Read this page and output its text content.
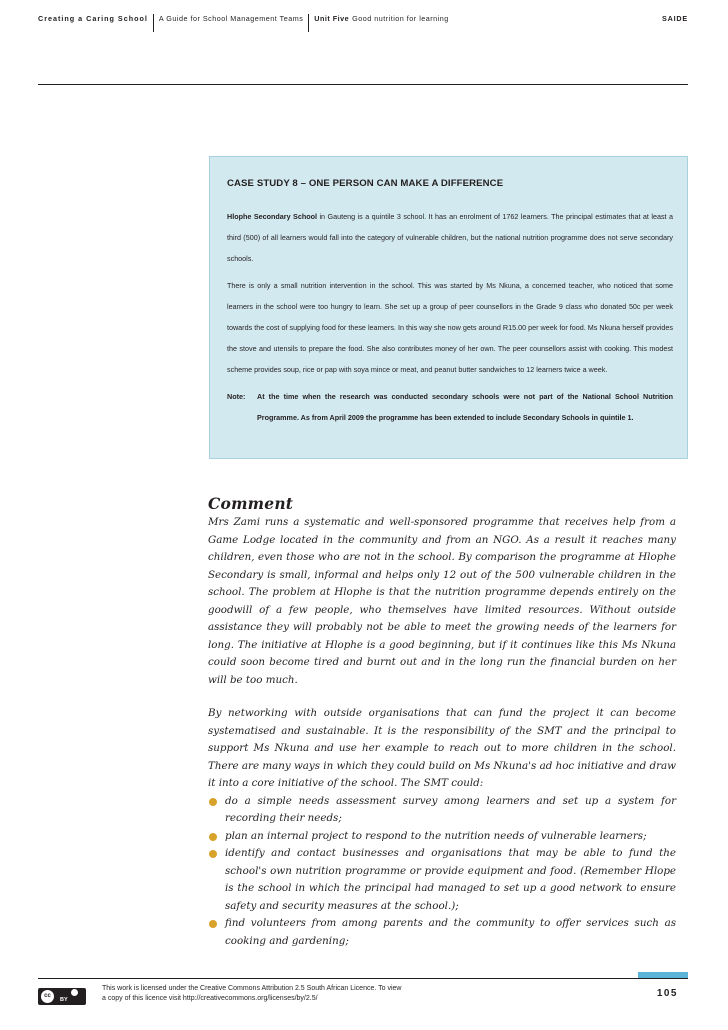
Creating a Caring School A Guide for School Management Teams Unit Five Good nutrition for learning	SAIDE
CASE STUDY 8 – ONE PERSON CAN MAKE A DIFFERENCE

Hlophe Secondary School in Gauteng is a quintile 3 school. It has an enrolment of 1762 learners. The principal estimates that at least a third (500) of all learners would fall into the category of vulnerable children, but the national nutrition programme does not serve secondary schools.

There is only a small nutrition intervention in the school. This was started by Ms Nkuna, a concerned teacher, who noticed that some learners in the school were too hungry to learn. She set up a group of peer counsellors in the Grade 9 class who donated 50c per week towards the cost of supplying food for these learners. In this way she now gets around R15.00 per week for food. Ms Nkuna herself provides the stove and utensils to prepare the food. She also contributes money of her own. The peer counsellors assist with cooking. This modest scheme provides soup, rice or pap with soya mince or meat, and peanut butter sandwiches to 12 learners twice a week.

Note:	At the time when the research was conducted secondary schools were not part of the National School Nutrition Programme. As from April 2009 the programme has been extended to include Secondary Schools in quintile 1.
Comment

Mrs Zami runs a systematic and well-sponsored programme that receives help from a Game Lodge located in the community and from an NGO. As a result it reaches many children, even those who are not in the school. By comparison the programme at Hlophe Secondary is small, informal and helps only 12 out of the 500 vulnerable children in the school. The problem at Hlophe is that the nutrition programme depends entirely on the goodwill of a few people, who themselves have limited resources. Without outside assistance they will probably not be able to meet the growing needs of the learners for long. The initiative at Hlophe is a good beginning, but if it continues like this Ms Nkuna could soon become tired and burnt out and in the long run the financial burden on her will be too much.

By networking with outside organisations that can fund the project it can become systematised and sustainable. It is the responsibility of the SMT and the principal to support Ms Nkuna and use her example to reach out to more children in the school. There are many ways in which they could build on Ms Nkuna's ad hoc initiative and draw it into a core initiative of the school. The SMT could:

do a simple needs assessment survey among learners and set up a system for recording their needs;
plan an internal project to respond to the nutrition needs of vulnerable learners;
identify and contact businesses and organisations that may be able to fund the school's own nutrition programme or provide equipment and food. (Remember Hlope is the school in which the principal had managed to set up a good network to ensure safety and security measures at the school.);
find volunteers from among parents and the community to offer services such as cooking and gardening;
cc
BY
This work is licensed under the Creative Commons Attribution 2.5 South African Licence. To view
a copy of this licence visit http://creativecommons.org/licenses/by/2.5/	105
